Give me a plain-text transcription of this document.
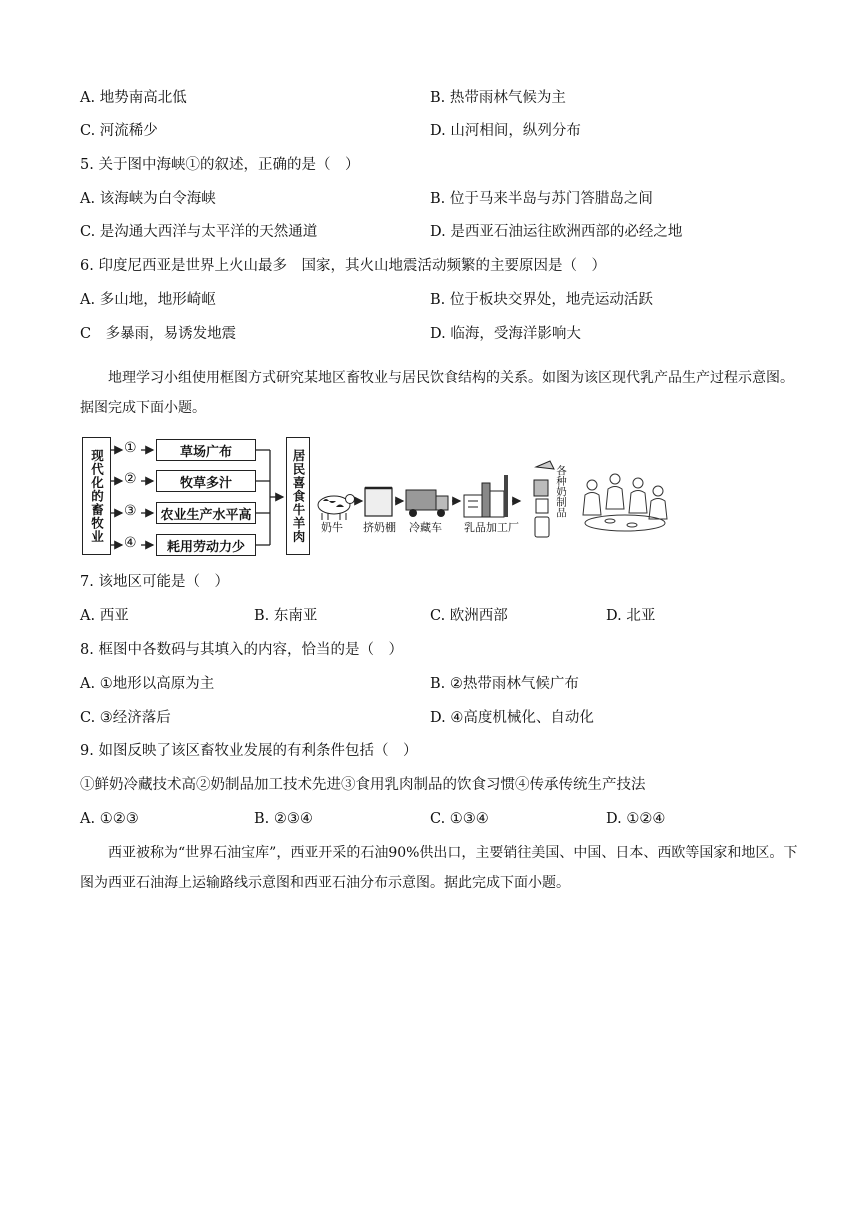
A. 地势南高北低	B. 热带雨林气候为主
C. 河流稀少	D. 山河相间，纵列分布
5. 关于图中海峡①的叙述，正确的是（　）
A. 该海峡为白令海峡	B. 位于马来半岛与苏门答腊岛之间
C. 是沟通大西洋与太平洋的天然通道	D. 是西亚石油运往欧洲西部的必经之地
6. 印度尼西亚是世界上火山最多　国家，其火山地震活动频繁的主要原因是（　）
A. 多山地，地形崎岖	B. 位于板块交界处，地壳运动活跃
C　多暴雨，易诱发地震	D. 临海，受海洋影响大

地理学习小组使用框图方式研究某地区畜牧业与居民饮食结构的关系。如图为该区现代乳产品生产过程示意图。据图完成下面小题。

现代化的畜牧业
①
②
③
④
草场广布
牧草多汁
农业生产水平高
耗用劳动力少
居民喜食牛羊肉	奶牛 挤奶棚 冷藏车 乳品加工厂
各种奶制品
7. 该地区可能是（　）
A. 西亚	B. 东南亚	C. 欧洲西部	D. 北亚
8. 框图中各数码与其填入的内容，恰当的是（　）
A. ①地形以高原为主	B. ②热带雨林气候广布
C. ③经济落后	D. ④高度机械化、自动化
9. 如图反映了该区畜牧业发展的有利条件包括（　）
①鲜奶冷藏技术高②奶制品加工技术先进③食用乳肉制品的饮食习惯④传承传统生产技法
A. ①②③	B. ②③④	C. ①③④	D. ①②④

西亚被称为“世界石油宝库”，西亚开采的石油90%供出口，主要销往美国、中国、日本、西欧等国家和地区。下图为西亚石油海上运输路线示意图和西亚石油分布示意图。据此完成下面小题。
